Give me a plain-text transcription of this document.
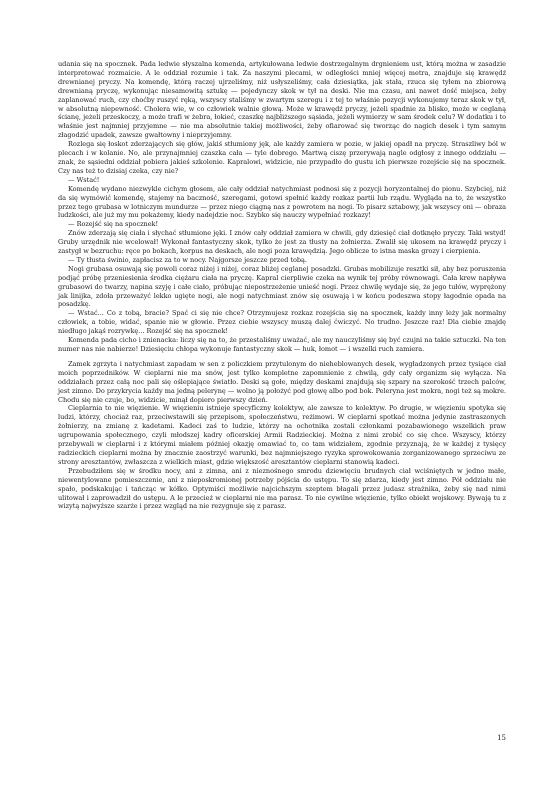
udania się na spocznek. Pada ledwie słyszalna komenda, artykułowana ledwie dostrzegalnym drgnieniem ust, którą można w zasadzie interpretować rozmaicie. A le oddział rozumie i tak. Za naszymi plecami, w odległości mniej więcej metra, znajduje się krawędź drewnianej pryczy. Na komendę, którą raczej ujrzeliśmy, niż usłyszeliśmy, cała dziesiątka, jak stała, rzuca się tyłem na zbiorową drewnianą pryczę, wykonując niesamowitą sztukę — pojedynczy skok w tył na deski. Nie ma czasu, ani nawet dość miejsca, żeby zaplanować ruch, czy choćby ruszyć ręką, wszyscy staliśmy w zwartym szeregu i z tej to właśnie pozycji wykonujemy teraz skok w tył, w absolutną niepewność. Cholera wie, w co człowiek walnie głową. Może w krawędź pryczy, jeżeli spadnie za blisko, może w ceglaną ścianę, jeżeli przeskoczy, a może trafi w żebra, łokieć, czaszkę najbliższego sąsiada, jeżeli wymierzy w sam środek celu? W dodatku i to właśnie jest najmniej przyjemne — nie ma absolutnie takiej możliwości, żeby ofiarować się tworząc do nagich desek i tym samym złagodzić upadek, zawsze gwałtowny i nieprzyjemny.

Rozlega się łoskot zderzających się głów, jakiś stłumiony jęk, ale każdy zamiera w pozie, w jakiej opadł na pryczę. Straszliwy ból w plecach i w kolanie. No, ale przynajmniej czaszka cała — tyle dobrego. Martwą ciszę przerywają nagle odgłosy z innego oddziału — znak, że sąsiedni oddział pobiera jakieś szkolenie. Kapralowi, widzicie, nie przypadło do gustu ich pierwsze rozejście się na spocznek. Czy nas też to dzisiaj czeka, czy nie?

— Wstać!

Komendę wydano niezwykle cichym głosem, ale cały oddział natychmiast podnosi się z pozycji horyzontalnej do pionu. Szybciej, niż da się wymówić komendę, stajemy na baczność, szeregami, gotowi spełnić każdy rozkaz partii lub rządu. Wygląda na to, że wszystko przez tego grubasa w lotniczym mundurze — przez niego ciągną nas z powrotem na nogi. To pisarz sztabowy, jak wszyscy oni — obraza ludzkości, ale już my mu pokażemy, kiedy nadejdzie noc. Szybko się nauczy wypełniać rozkazy!

— Rozejść się na spocznek!

Znów zderzają się ciała i słychać stłumione jęki. I znów cały oddział zamiera w chwili, gdy dziesięć ciał dotknęło pryczy. Taki wstyd! Gruby urzędnik nie wcelował! Wykonał fantastyczny skok, tylko że jest za tłusty na żołnierza. Zwalił się ukosem na krawędź pryczy i zastygł w bezruchu: ręce po bokach, korpus na deskach, ale nogi poza krawędzią. Jego oblicze to istna maska grozy i cierpienia.

— Ty tłusta świnio, zapłacisz za to w nocy. Najgorsze jeszcze przed tobą.

Nogi grubasa osuwają się powoli coraz niżej i niżej, coraz bliżej ceglanej posadzki. Grubas mobilizuje resztki sił, aby bez poruszenia podjąć próbę przeniesienia środka ciężaru ciała na pryczę. Kapral cierpliwie czeka na wynik tej próby równowagi. Cała krew napływa grubasowi do twarzy, napina szyję i całe ciało, próbując niepostrzeżenie unieść nogi. Przez chwilę wydaje się, że jego tułów, wyprężony jak linijka, zdoła przeważyć lekko ugięte nogi, ale nogi natychmiast znów się osuwają i w końcu podeszwa stopy łagodnie opada na posadzkę.

— Wstać... Co z tobą, bracie? Spać ci się nie chce? Otrzymujesz rozkaz rozejścia się na spocznek, każdy inny leży jak normalny człowiek, a tobie, widać, spanie nie w głowie. Przez ciebie wszyscy muszą dalej ćwiczyć. No trudno. Jeszcze raz! Dla ciebie znajdę niedługo jakąś rozrywkę... Rozejść się na spocznek!

Komenda pada cicho i znienacka: liczy się na to, że przestaliśmy uważać, ale my nauczyliśmy się być czujni na takie sztuczki. Na ten numer nas nie nabierze! Dziesięciu chłopa wykonuje fantastyczny skok — huk, łomot — i wszelki ruch zamiera.

Zamek zgrzyta i natychmiast zapadam w sen z policzkiem przytulonym do nieheblowanych desek, wygładzonych przez tysiące ciał moich poprzedników. W cieplarni nie ma snów, jest tylko kompletne zapomnienie z chwilą, gdy cały organizm się wyłącza. Na oddziałach przez całą noc pali się oślepiające światło. Deski są gołe, między deskami znajdują się szpary na szerokość trzech palców, jest zimno. Do przykrycia każdy ma jedną pelerynę — wolno ją położyć pod głowę albo pod bok. Peleryna jest mokra, nogi też są mokre. Chodu się nie czuje, bo, widzicie, minął dopiero pierwszy dzień.

Cieplarnia to nie więzienie. W więzieniu istnieje specyficzny kolektyw, ale zawsze to kolektyw. Po drugie, w więzieniu spotyka się ludzi, którzy, chociaż raz, przeciwstawili się przepisom, społeczeństwu, reżimowi. W cieplarni spotkać można jedynie zastraszonych żołnierzy, na zmianę z kadetami. Kadeci zaś to ludzie, którzy na ochotnika zostali członkami pozabawionego wszelkich praw ugrupowania społecznego, czyli młodszej kadry oficerskiej Armii Radzieckiej. Można z nimi zrobić co się chce. Wszyscy, którzy przebywali w cieplarni i z którymi miałem później okazję omawiać to, co tam widziałem, zgodnie przyznają, że w każdej z tysięcy radzieckich cieplarni można by znacznie zaostrzyć warunki, bez najmniejszego ryzyka sprowokowania zorganizowanego sprzeciwu ze strony aresztantów, zwłaszcza z wielkich miast, gdzie większość aresztantów cieplarni stanowią kadeci.

Przebudziłem się w środku nocy, ani z zimna, ani z nieznośnego smrodu dziewięciu brudnych ciał wciśniętych w jedno małe, niewentylowane pomieszczenie, ani z nieposkromionej potrzeby pójścia do ustępu. To się zdarza, kiedy jest zimno. Pół oddziału nie spało, podskakując i tańcząc w kółko. Optymiści możliwie najcichszym szeptem błagali przez judasz strażnika, żeby się nad nimi ulitował i zaprowadził do ustępu. A le przecież w cieplarni nie ma parasz. To nie cywilne więzienie, tylko obiekt wojskowy. Bywają tu z wizytą najwyższe szarże i przez wzgląd na nie rezygnuje się z parasz.

15
